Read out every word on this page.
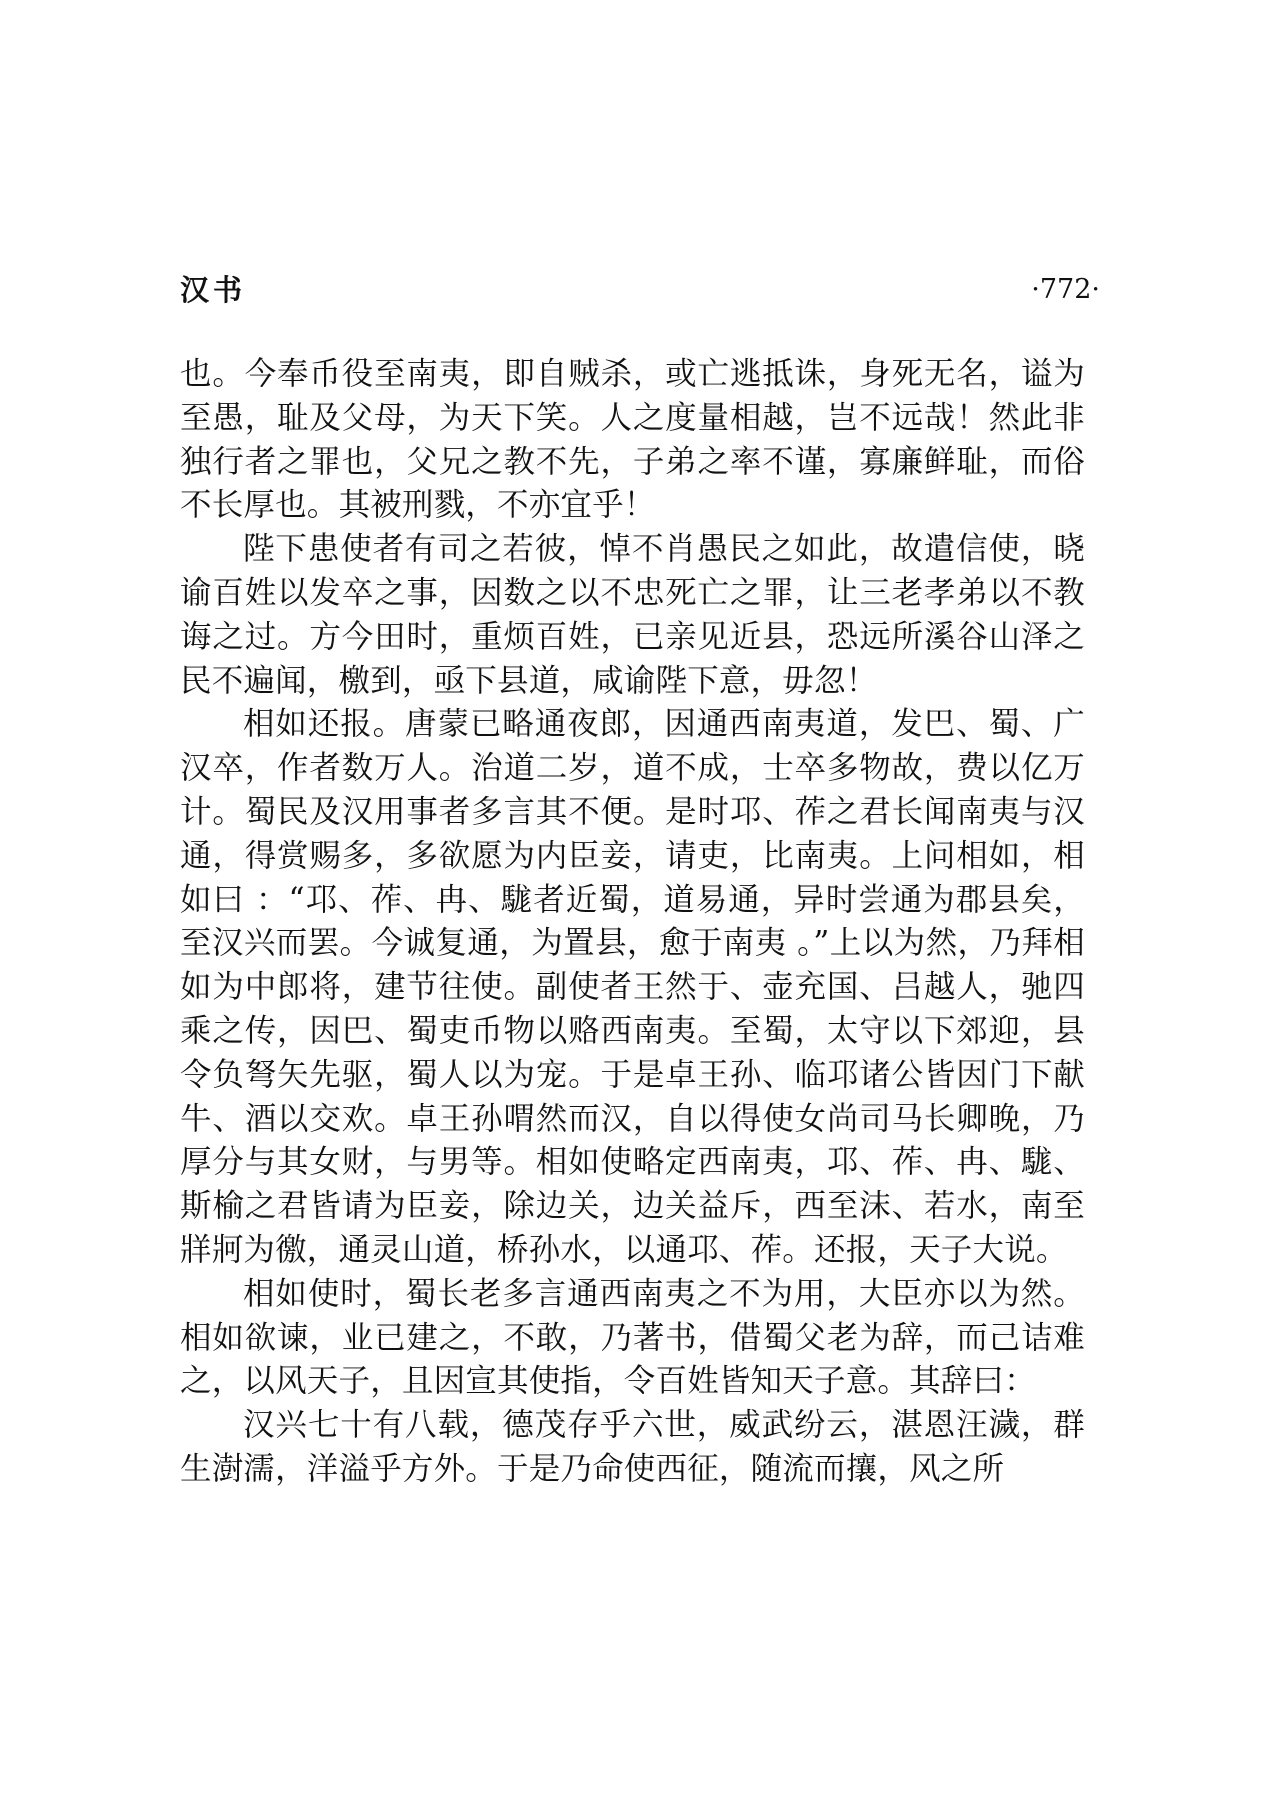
汉书	·772·

也。今奉币役至南夷，即自贼杀，或亡逃抵诛，身死无名，谥为至愚，耻及父母，为天下笑。人之度量相越，岂不远哉！然此非独行者之罪也，父兄之教不先，子弟之率不谨，寡廉鲜耻，而俗不长厚也。其被刑戮，不亦宜乎！

陛下患使者有司之若彼，悼不肖愚民之如此，故遣信使，晓谕百姓以发卒之事，因数之以不忠死亡之罪，让三老孝弟以不教诲之过。方今田时，重烦百姓，已亲见近县，恐远所溪谷山泽之民不遍闻，檄到，亟下县道，咸谕陛下意，毋忽！

相如还报。唐蒙已略通夜郎，因通西南夷道，发巴、蜀、广汉卒，作者数万人。治道二岁，道不成，士卒多物故，费以亿万计。蜀民及汉用事者多言其不便。是时邛、莋之君长闻南夷与汉通，得赏赐多，多欲愿为内臣妾，请吏，比南夷。上问相如，相如曰 ：“邛、莋、冉、駹者近蜀，道易通，异时尝通为郡县矣，至汉兴而罢。今诚复通，为置县，愈于南夷 。”上以为然，乃拜相如为中郎将，建节往使。副使者王然于、壶充国、吕越人，驰四乘之传，因巴、蜀吏币物以赂西南夷。至蜀，太守以下郊迎，县令负弩矢先驱，蜀人以为宠。于是卓王孙、临邛诸公皆因门下献牛、酒以交欢。卓王孙喟然而汉，自以得使女尚司马长卿晚，乃厚分与其女财，与男等。相如使略定西南夷，邛、莋、冉、駹、斯榆之君皆请为臣妾，除边关，边关益斥，西至沫、若水，南至牂牁为徼，通灵山道，桥孙水，以通邛、莋。还报，天子大说。

相如使时，蜀长老多言通西南夷之不为用，大臣亦以为然。相如欲谏，业已建之，不敢，乃著书，借蜀父老为辞，而己诘难之，以风天子，且因宣其使指，令百姓皆知天子意。其辞曰：

汉兴七十有八载，德茂存乎六世，威武纷云，湛恩汪濊，群生澍濡，洋溢乎方外。于是乃命使西征，随流而攘，风之所
